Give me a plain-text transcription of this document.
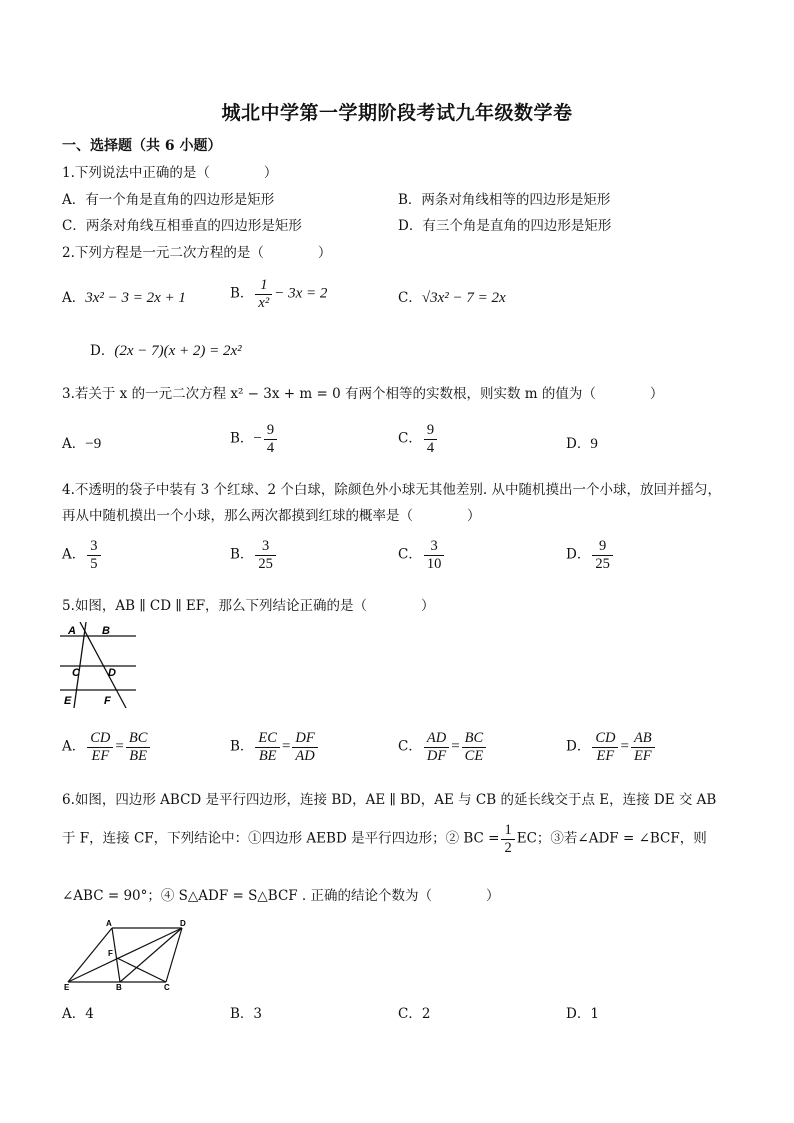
城北中学第一学期阶段考试九年级数学卷
一、选择题（共 6 小题）
1.下列说法中正确的是（　　　　）
A．有一个角是直角的四边形是矩形	B．两条对角线相等的四边形是矩形
C．两条对角线互相垂直的四边形是矩形	D．有三个角是直角的四边形是矩形
2.下列方程是一元二次方程的是（　　　　）
A．3x² − 3 = 2x + 1	B． $\frac{1}{\text{x²}} - 3x = 2$	C．√3x² − 7 = 2x
D．(2x − 7)(x + 2) = 2x²
3.若关于 x 的一元二次方程 x² − 3x + m = 0 有两个相等的实数根，则实数 m 的值为（　　　　）
A．−9	B．− $\frac{9}{4}$	C． $\frac{9}{4}$	D．9
4.不透明的袋子中装有 3 个红球、2 个白球，除颜色外小球无其他差别. 从中随机摸出一个小球，放回并摇匀，
再从中随机摸出一个小球，那么两次都摸到红球的概率是（　　　　）
A． $\frac{3}{5}$	B． $\frac{3}{25}$	C． $\frac{3}{10}$	D． $\frac{9}{25}$
5.如图，AB ∥ CD ∥ EF，那么下列结论正确的是（　　　　）
A B
C	D
E	F
A． $\frac{CD}{EF} = \frac{BC}{BE}$	B． $\frac{EC}{BE} = \frac{DF}{AD}$	C． $\frac{AD}{DF} = \frac{BC}{CE}$	D． $\frac{CD}{EF} = \frac{AB}{EF}$
6.如图，四边形 ABCD 是平行四边形，连接 BD，AE ∥ BD，AE 与 CB 的延长线交于点 E，连接 DE 交 AB
于 F，连接 CF，下列结论中：①四边形 AEBD 是平行四边形；② BC = $\frac{1}{2}$ EC；③若∠ADF = ∠BCF，则
∠ABC = 90°；④ S△ADF = S△BCF . 正确的结论个数为（　　　　）
A	D
F
E	B	C
A．4	B．3	C．2	D．1
